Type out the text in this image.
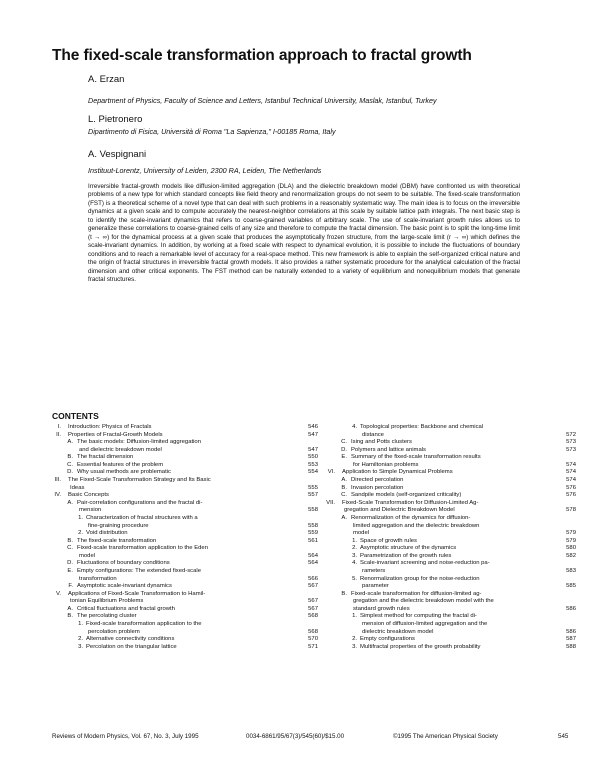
The fixed-scale transformation approach to fractal growth
A. Erzan
Department of Physics, Faculty of Science and Letters, Istanbul Technical University, Maslak, Istanbul, Turkey
L. Pietronero
Dipartimento di Fisica, Università di Roma "La Sapienza," I-00185 Roma, Italy
A. Vespignani
Instituut-Lorentz, University of Leiden, 2300 RA, Leiden, The Netherlands
Irreversible fractal-growth models like diffusion-limited aggregation (DLA) and the dielectric breakdown model (DBM) have confronted us with theoretical problems of a new type for which standard concepts like field theory and renormalization groups do not seem to be suitable. The fixed-scale transformation (FST) is a theoretical scheme of a novel type that can deal with such problems in a reasonably systematic way. The main idea is to focus on the irreversible dynamics at a given scale and to compute accurately the nearest-neighbor correlations at this scale by suitable lattice path integrals. The next basic step is to identify the scale-invariant dynamics that refers to coarse-grained variables of arbitrary scale. The use of scale-invariant growth rules allows us to generalize these correlations to coarse-grained cells of any size and therefore to compute the fractal dimension. The basic point is to split the long-time limit (t → ∞) for the dynamical process at a given scale that produces the asymptotically frozen structure, from the large-scale limit (r → ∞) which defines the scale-invariant dynamics. In addition, by working at a fixed scale with respect to dynamical evolution, it is possible to include the fluctuations of boundary conditions and to reach a remarkable level of accuracy for a real-space method. This new framework is able to explain the self-organized critical nature and the origin of fractal structures in irreversible fractal growth models. It also provides a rather systematic procedure for the analytical calculation of the fractal dimension and other critical exponents. The FST method can be naturally extended to a variety of equilibrium and nonequilibrium models that generate fractal structures.
CONTENTS
I. Introduction: Physics of Fractals	546
II. Properties of Fractal-Growth Models	547
A. The basic models: Diffusion-limited aggregation
and dielectric breakdown model	547
B. The fractal dimension	550
C. Essential features of the problem	553
D. Why usual methods are problematic	554
III. The Fixed-Scale Transformation Strategy and Its Basic
Ideas	555
IV. Basic Concepts	557
A. Pair-correlation configurations and the fractal di-
mension	558
1. Characterization of fractal structures with a
fine-graining procedure	558
2. Void distribution	559
B. The fixed-scale transformation	561
C. Fixed-scale transformation application to the Eden
model	564
D. Fluctuations of boundary conditions	564
E. Empty configurations: The extended fixed-scale
transformation	566
F. Asymptotic scale-invariant dynamics	567
V. Applications of Fixed-Scale Transformation to Hamil-
tonian Equilibrium Problems	567
A. Critical fluctuations and fractal growth	567
B. The percolating cluster	568
1. Fixed-scale transformation application to the
percolation problem	568
2. Alternative connectivity conditions	570
3. Percolation on the triangular lattice	571
4. Topological properties: Backbone and chemical
distance	572
C. Ising and Potts clusters	573
D. Polymers and lattice animals	573
E. Summary of the fixed-scale transformation results
for Hamiltonian problems	574
VI. Application to Simple Dynamical Problems	574
A. Directed percolation	574
B. Invasion percolation	576
C. Sandpile models (self-organized criticality)	576
VII. Fixed-Scale Transformation for Diffusion-Limited Ag-
gregation and Dielectric Breakdown Model	578
A. Renormalization of the dynamics for diffusion-
limited aggregation and the dielectric breakdown
model	579
1. Space of growth rules	579
2. Asymptotic structure of the dynamics	580
3. Parametrization of the growth rules	582
4. Scale-invariant screening and noise-reduction pa-
rameters	583
5. Renormalization group for the noise-reduction
parameter	585
B. Fixed-scale transformation for diffusion-limited ag-
gregation and the dielectric breakdown model with the
standard growth rules	586
1. Simplest method for computing the fractal di-
mension of diffusion-limited aggregation and the
dielectric breakdown model	586
2. Empty configurations	587
3. Multifractal properties of the growth probability	588
Reviews of Modern Physics, Vol. 67, No. 3, July 1995	0034-6861/95/67(3)/545(60)/$15.00	©1995 The American Physical Society	545
